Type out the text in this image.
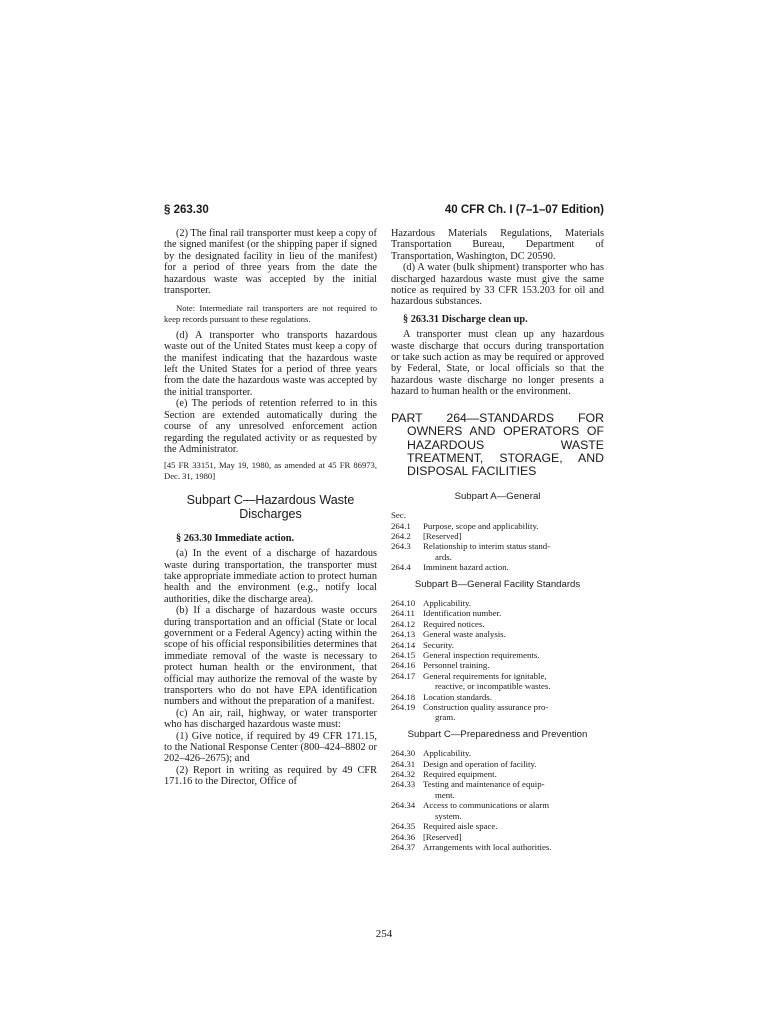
§ 263.30	40 CFR Ch. I (7–1–07 Edition)

(2) The final rail transporter must keep a copy of the signed manifest (or the shipping paper if signed by the designated facility in lieu of the manifest) for a period of three years from the date the hazardous waste was accepted by the initial transporter.

Note: Intermediate rail transporters are not required to keep records pursuant to these regulations.

(d) A transporter who transports hazardous waste out of the United States must keep a copy of the manifest indicating that the hazardous waste left the United States for a period of three years from the date the hazardous waste was accepted by the initial transporter.

(e) The periods of retention referred to in this Section are extended automatically during the course of any unresolved enforcement action regarding the regulated activity or as requested by the Administrator.

[45 FR 33151, May 19, 1980, as amended at 45 FR 86973, Dec. 31, 1980]

Subpart C—Hazardous Waste
Discharges

§ 263.30 Immediate action.

(a) In the event of a discharge of hazardous waste during transportation, the transporter must take appropriate immediate action to protect human health and the environment (e.g., notify local authorities, dike the discharge area).

(b) If a discharge of hazardous waste occurs during transportation and an official (State or local government or a Federal Agency) acting within the scope of his official responsibilities determines that immediate removal of the waste is necessary to protect human health or the environment, that official may authorize the removal of the waste by transporters who do not have EPA identification numbers and without the preparation of a manifest.

(c) An air, rail, highway, or water transporter who has discharged hazardous waste must:

(1) Give notice, if required by 49 CFR 171.15, to the National Response Center (800–424–8802 or 202–426–2675); and

(2) Report in writing as required by 49 CFR 171.16 to the Director, Office of

Hazardous Materials Regulations, Materials Transportation Bureau, Department of Transportation, Washington, DC 20590.

(d) A water (bulk shipment) transporter who has discharged hazardous waste must give the same notice as required by 33 CFR 153.203 for oil and hazardous substances.

§ 263.31 Discharge clean up.

A transporter must clean up any hazardous waste discharge that occurs during transportation or take such action as may be required or approved by Federal, State, or local officials so that the hazardous waste discharge no longer presents a hazard to human health or the environment.

PART 264—STANDARDS FOR OWNERS AND OPERATORS OF HAZARDOUS WASTE TREATMENT, STORAGE, AND DISPOSAL FACILITIES
Subpart A—General
Sec.
264.1	Purpose, scope and applicability.
264.2	[Reserved]
264.3	Relationship to interim status stand-
ards.
264.4	Imminent hazard action.
Subpart B—General Facility Standards
264.10 Applicability.
264.11 Identification number.
264.12 Required notices.
264.13 General waste analysis.
264.14 Security.
264.15 General inspection requirements.
264.16 Personnel training.
264.17 General requirements for ignitable,
reactive, or incompatible wastes.
264.18 Location standards.
264.19 Construction quality assurance pro-
gram.
Subpart C—Preparedness and Prevention
264.30 Applicability.
264.31 Design and operation of facility.
264.32 Required equipment.
264.33 Testing and maintenance of equip-
ment.
264.34 Access to communications or alarm
system.
264.35 Required aisle space.
264.36 [Reserved]
264.37 Arrangements with local authorities.
254
